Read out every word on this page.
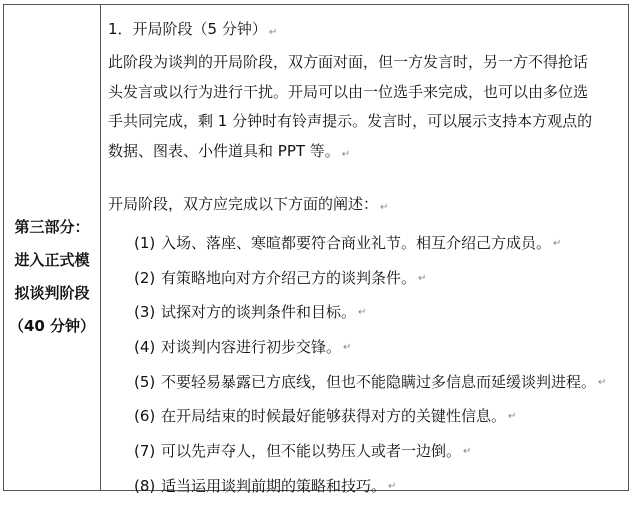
第三部分：
进入正式模
拟谈判阶段
（40 分钟）
1．开局阶段（5 分钟） ↵
此阶段为谈判的开局阶段，双方面对面，但一方发言时，另一方不得抢话
头发言或以行为进行干扰。开局可以由一位选手来完成，也可以由多位选
手共同完成，剩 1 分钟时有铃声提示。发言时，可以展示支持本方观点的
数据、图表、小件道具和 PPT 等。 ↵
开局阶段，双方应完成以下方面的阐述： ↵
(1) 入场、落座、寒暄都要符合商业礼节。相互介绍己方成员。 ↵
(2) 有策略地向对方介绍己方的谈判条件。 ↵
(3) 试探对方的谈判条件和目标。 ↵
(4) 对谈判内容进行初步交锋。 ↵
(5) 不要轻易暴露已方底线，但也不能隐瞒过多信息而延缓谈判进程。 ↵
(6) 在开局结束的时候最好能够获得对方的关键性信息。 ↵
(7) 可以先声夺人，但不能以势压人或者一边倒。 ↵
(8) 适当运用谈判前期的策略和技巧。 ↵
